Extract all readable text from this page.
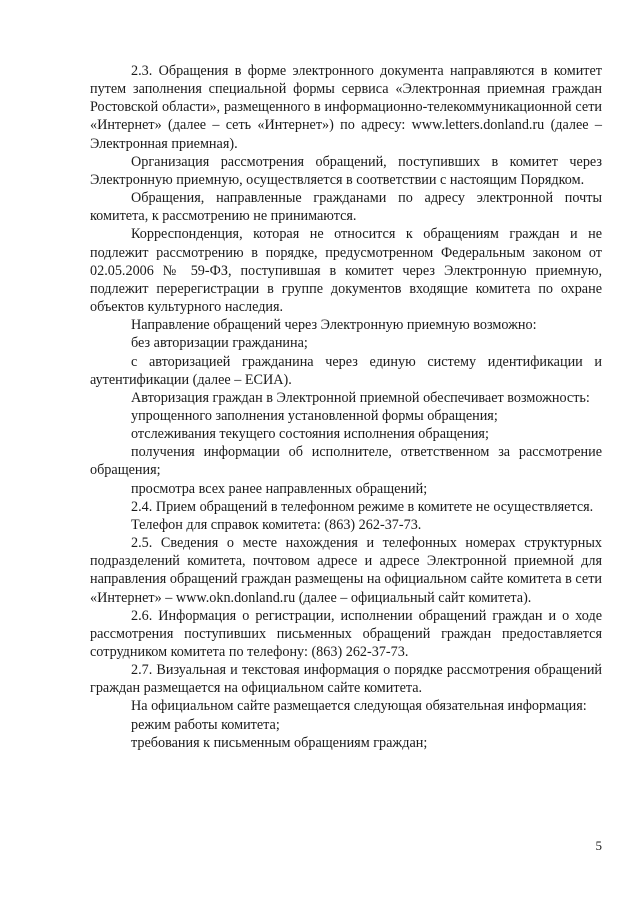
2.3. Обращения в форме электронного документа направляются в комитет путем заполнения специальной формы сервиса «Электронная приемная граждан Ростовской области», размещенного в информационно-телекоммуникационной сети «Интернет» (далее – сеть «Интернет») по адресу: www.letters.donland.ru (далее – Электронная приемная).

Организация рассмотрения обращений, поступивших в комитет через Электронную приемную, осуществляется в соответствии с настоящим Порядком.

Обращения, направленные гражданами по адресу электронной почты комитета, к рассмотрению не принимаются.

Корреспонденция, которая не относится к обращениям граждан и не подлежит рассмотрению в порядке, предусмотренном Федеральным законом от 02.05.2006 № 59-ФЗ, поступившая в комитет через Электронную приемную, подлежит перерегистрации в группе документов входящие комитета по охране объектов культурного наследия.

Направление обращений через Электронную приемную возможно:

без авторизации гражданина;

с авторизацией гражданина через единую систему идентификации и аутентификации (далее – ЕСИА).

Авторизация граждан в Электронной приемной обеспечивает возможность:

упрощенного заполнения установленной формы обращения;

отслеживания текущего состояния исполнения обращения;

получения информации об исполнителе, ответственном за рассмотрение обращения;

просмотра всех ранее направленных обращений;

2.4. Прием обращений в телефонном режиме в комитете не осуществляется.

Телефон для справок комитета: (863) 262-37-73.

2.5. Сведения о месте нахождения и телефонных номерах структурных подразделений комитета, почтовом адресе и адресе Электронной приемной для направления обращений граждан размещены на официальном сайте комитета в сети «Интернет» – www.okn.donland.ru (далее – официальный сайт комитета).

2.6. Информация о регистрации, исполнении обращений граждан и о ходе рассмотрения поступивших письменных обращений граждан предоставляется сотрудником комитета по телефону: (863) 262-37-73.

2.7. Визуальная и текстовая информация о порядке рассмотрения обращений граждан размещается на официальном сайте комитета.

На официальном сайте размещается следующая обязательная информация:

режим работы комитета;

требования к письменным обращениям граждан;

5
